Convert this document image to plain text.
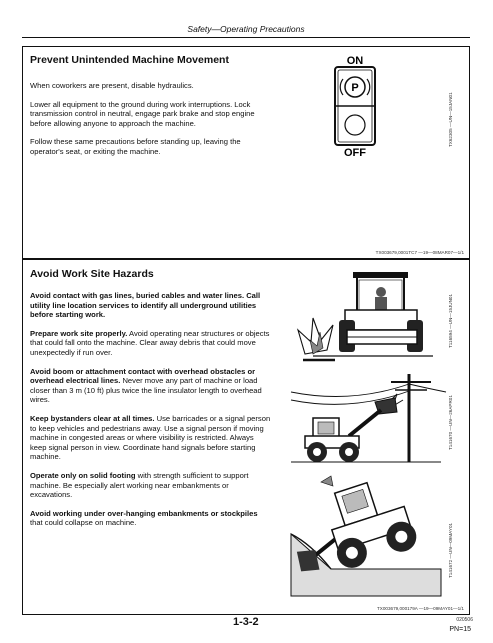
Safety—Operating Precautions
Prevent Unintended Machine Movement

When coworkers are present, disable hydraulics.

Lower all equipment to the ground during work interruptions. Lock transmission control in neutral, engage park brake and stop engine before allowing anyone to approach the machine.

Follow these same precautions before standing up, leaving the operator's seat, or exiting the machine.

ON
P
OFF
TX62305 —UN—15JAN01
TX003679,0001TC7 —19—08MAR07—1/1
Avoid Work Site Hazards

Avoid contact with gas lines, buried cables and water lines. Call utility line location services to identify all underground utilities before starting work.

Prepare work site properly. Avoid operating near structures or objects that could fall onto the machine. Clear away debris that could move unexpectedly if run over.

Avoid boom or attachment contact with overhead obstacles or overhead electrical lines. Never move any part of machine or load closer than 3 m (10 ft) plus twice the line insulator length to overhead wires.

Keep bystanders clear at all times. Use barricades or a signal person to keep vehicles and pedestrians away. Use a signal person if moving machine in congested areas or where visibility is restricted. Always keep signal person in view. Coordinate hand signals before starting machine.

Operate only on solid footing with strength sufficient to support machine. Be especially alert working near embankments or excavations.

Avoid working under over-hanging embankments or stockpiles that could collapse on machine.

T116594 —UN—15JUN01
T141670 —UN—26APR01
T141672 —UN—09MAY01
TX003679,000179A —19—09MAY01—1/1
1-3-2	020506
PN=15
